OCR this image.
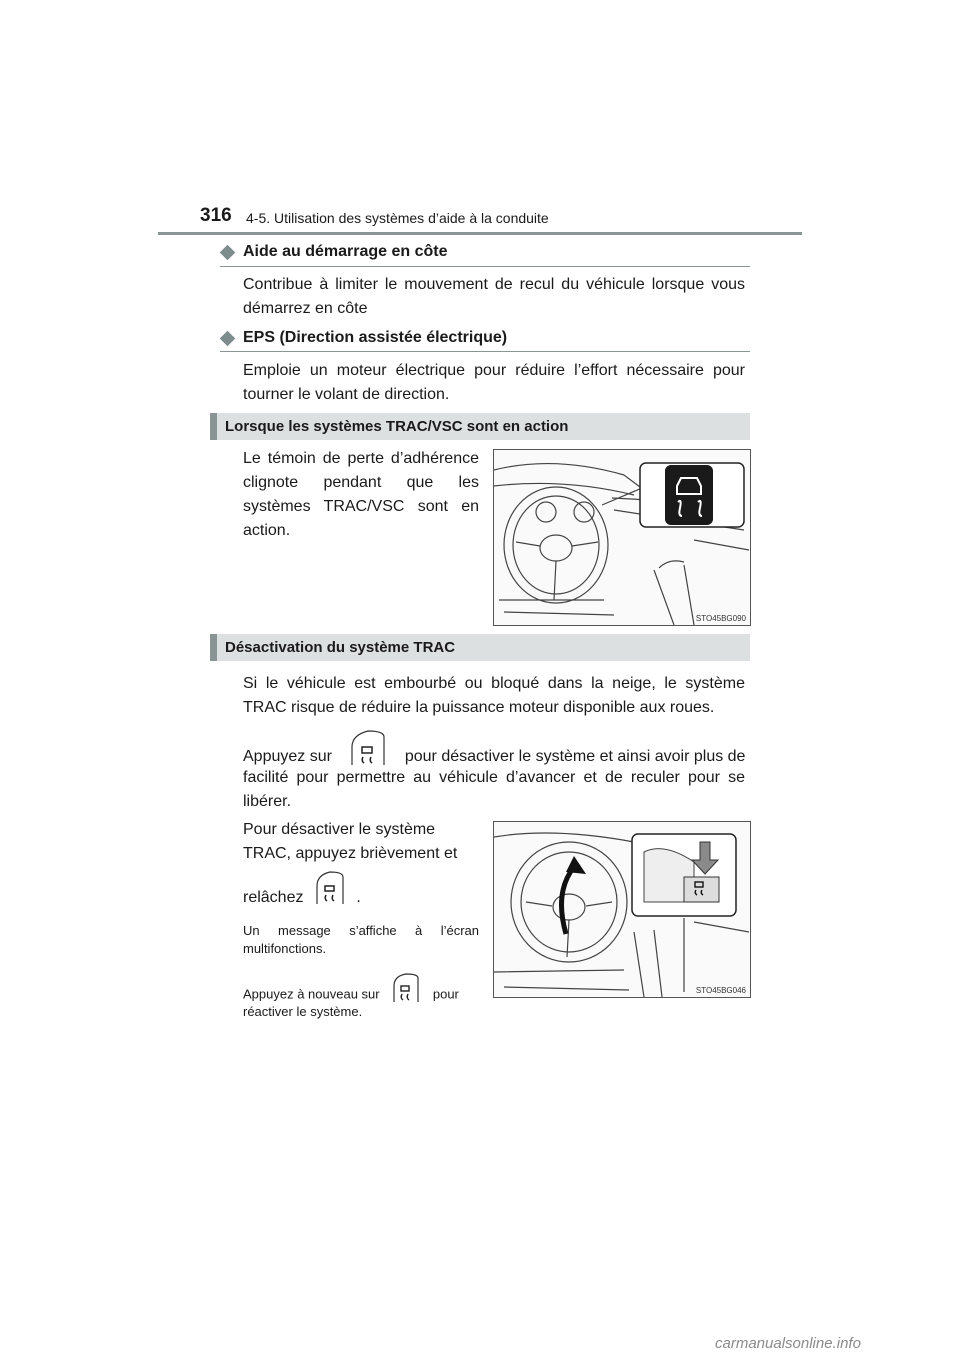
316 4-5. Utilisation des systèmes d’aide à la conduite
Aide au démarrage en côte
Contribue à limiter le mouvement de recul du véhicule lorsque vous démarrez en côte
EPS (Direction assistée électrique)
Emploie un moteur électrique pour réduire l’effort nécessaire pour tourner le volant de direction.
Lorsque les systèmes TRAC/VSC sont en action
Le témoin de perte d’adhérence clignote pendant que les systèmes TRAC/VSC sont en action.
STO45BG090
Désactivation du système TRAC
Si le véhicule est embourbé ou bloqué dans la neige, le système TRAC risque de réduire la puissance moteur disponible aux roues.
Appuyez sur	pour désactiver le système et ainsi avoir plus de
facilité pour permettre au véhicule d’avancer et de reculer pour se libérer.
Pour désactiver le système
TRAC, appuyez brièvement et
relâchez	.
Un message s’affiche à l’écran multifonctions.
Appuyez à nouveau sur	pour
réactiver le système.
STO45BG046
carmanualsonline.info
